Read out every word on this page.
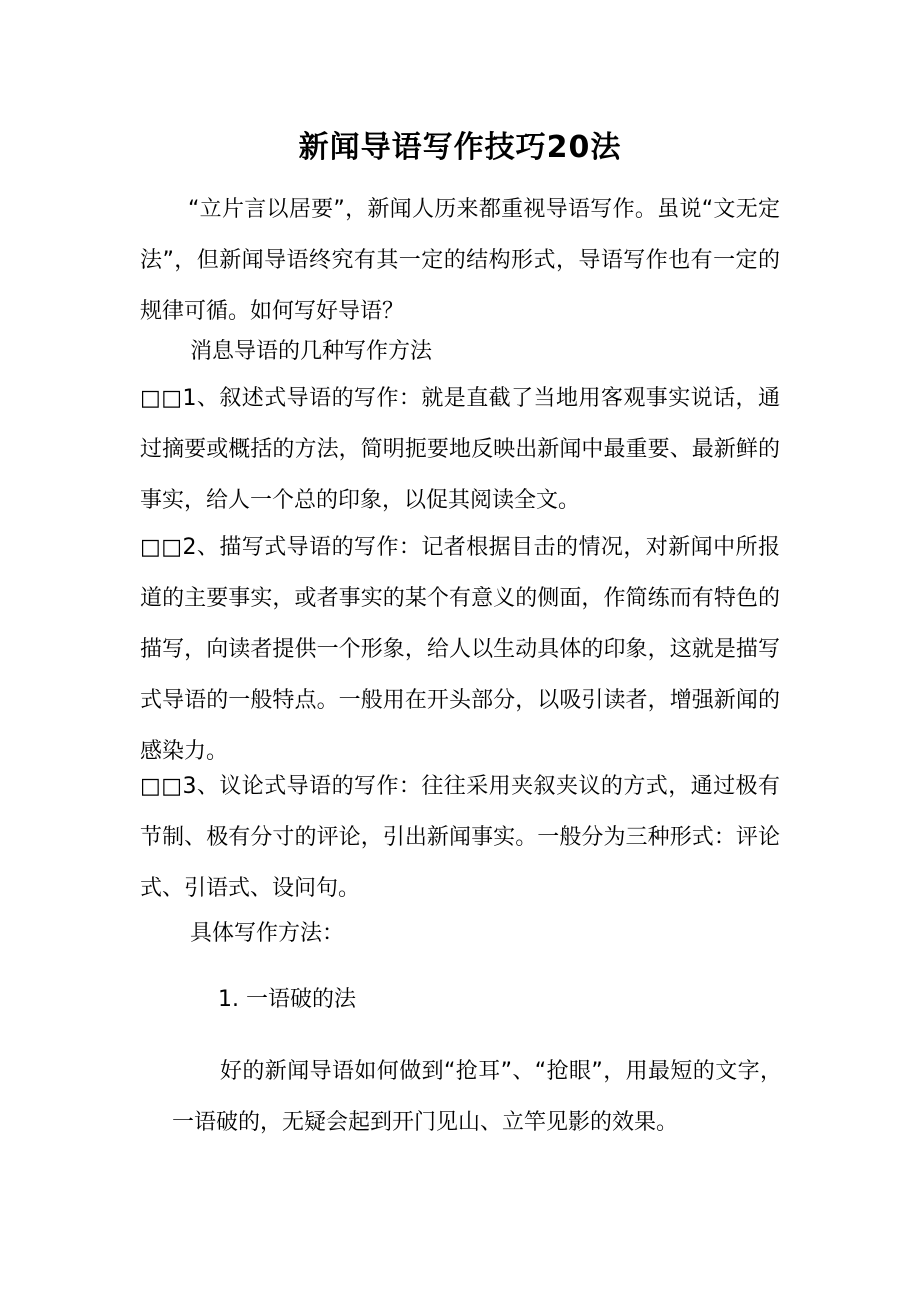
新闻导语写作技巧20法

“立片言以居要”，新闻人历来都重视导语写作。虽说“文无定法”，但新闻导语终究有其一定的结构形式，导语写作也有一定的规律可循。如何写好导语？

消息导语的几种写作方法

□□1、叙述式导语的写作：就是直截了当地用客观事实说话，通过摘要或概括的方法，简明扼要地反映出新闻中最重要、最新鲜的事实，给人一个总的印象，以促其阅读全文。

□□2、描写式导语的写作：记者根据目击的情况，对新闻中所报道的主要事实，或者事实的某个有意义的侧面，作简练而有特色的描写，向读者提供一个形象，给人以生动具体的印象，这就是描写式导语的一般特点。一般用在开头部分，以吸引读者，增强新闻的感染力。

□□3、议论式导语的写作：往往采用夹叙夹议的方式，通过极有节制、极有分寸的评论，引出新闻事实。一般分为三种形式：评论式、引语式、设问句。

具体写作方法：
1. 一语破的法

好的新闻导语如何做到“抢耳”、“抢眼”，用最短的文字，一语破的，无疑会起到开门见山、立竿见影的效果。
